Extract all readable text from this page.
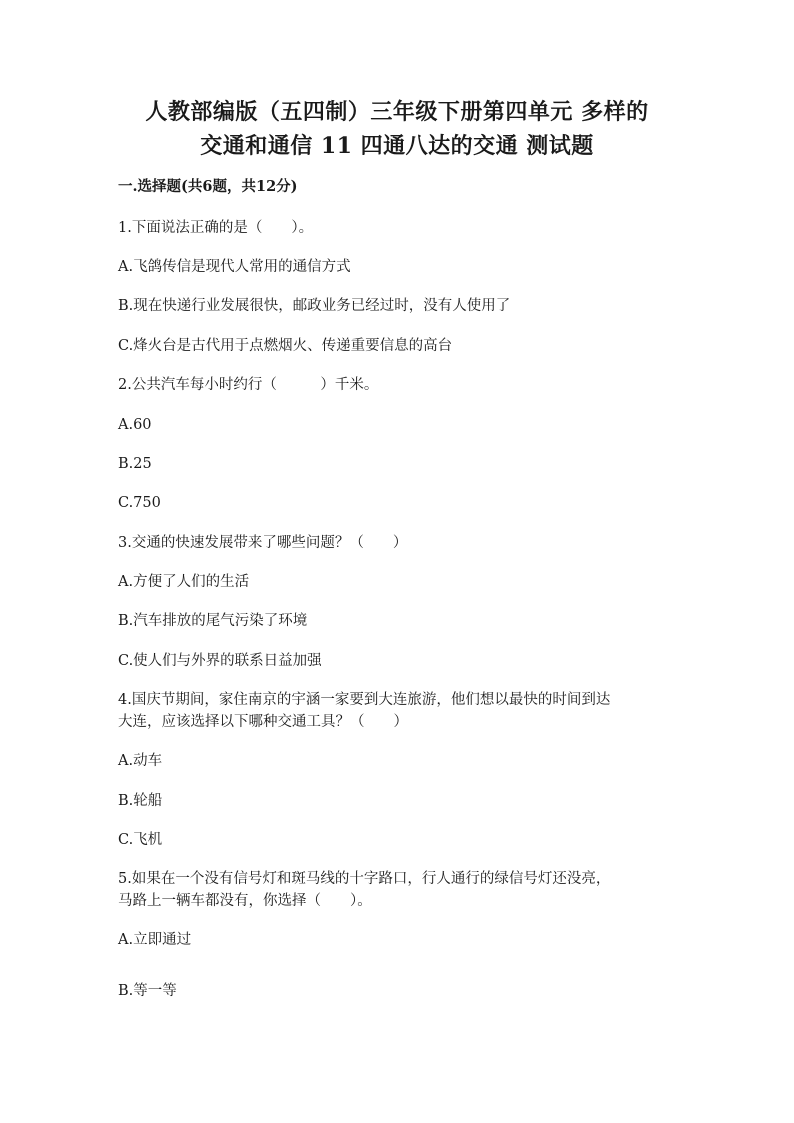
人教部编版（五四制）三年级下册第四单元 多样的
交通和通信 11 四通八达的交通 测试题
一.选择题(共6题，共12分)
1.下面说法正确的是（　　）。
A.飞鸽传信是现代人常用的通信方式
B.现在快递行业发展很快，邮政业务已经过时，没有人使用了
C.烽火台是古代用于点燃烟火、传递重要信息的高台
2.公共汽车每小时约行（　　　）千米。
A.60
B.25
C.750
3.交通的快速发展带来了哪些问题？（　　）
A.方便了人们的生活
B.汽车排放的尾气污染了环境
C.使人们与外界的联系日益加强
4.国庆节期间，家住南京的宇涵一家要到大连旅游，他们想以最快的时间到达
大连，应该选择以下哪种交通工具？（　　）
A.动车
B.轮船
C.飞机
5.如果在一个没有信号灯和斑马线的十字路口，行人通行的绿信号灯还没亮，
马路上一辆车都没有，你选择（　　）。
A.立即通过
B.等一等
